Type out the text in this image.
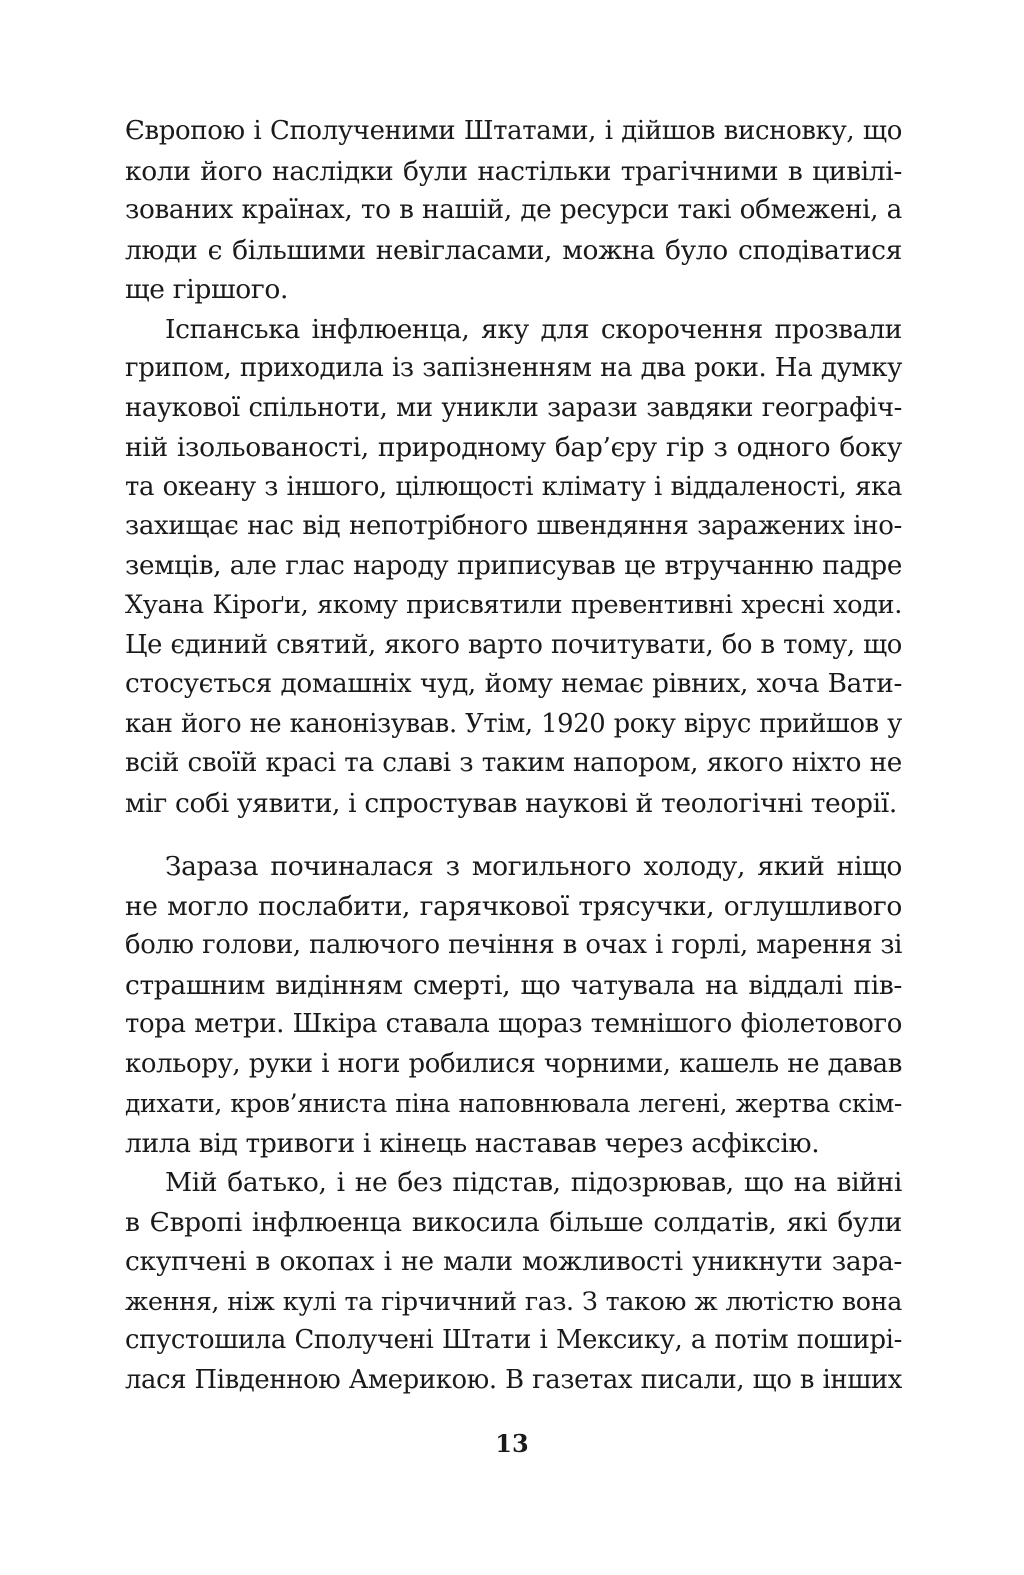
Європою і Сполученими Штатами, і дійшов висновку, що
коли його наслідки були настільки трагічними в цивілі-
зованих країнах, то в нашій, де ресурси такі обмежені, а
люди є більшими невігласами, можна було сподіватися
ще гіршого.
Іспанська інфлюенца, яку для скорочення прозвали
грипом, приходила із запізненням на два роки. На думку
наукової спільноти, ми уникли зарази завдяки географіч-
ній ізольованості, природному бар’єру гір з одного боку
та океану з іншого, цілющості клімату і віддаленості, яка
захищає нас від непотрібного швендяння заражених іно-
земців, але глас народу приписував це втручанню падре
Хуана Кіроґи, якому присвятили превентивні хресні ходи.
Це єдиний святий, якого варто почитувати, бо в тому, що
стосується домашніх чуд, йому немає рівних, хоча Вати-
кан його не канонізував. Утім, 1920 року вірус прийшов у
всій своїй красі та славі з таким напором, якого ніхто не
міг собі уявити, і спростував наукові й теологічні теорії.
Зараза починалася з могильного холоду, який ніщо
не могло послабити, гарячкової трясучки, оглушливого
болю голови, палючого печіння в очах і горлі, марення зі
страшним видінням смерті, що чатувала на віддалі пів-
тора метри. Шкіра ставала щораз темнішого фіолетового
кольору, руки і ноги робилися чорними, кашель не давав
дихати, кров’яниста піна наповнювала легені, жертва скім-
лила від тривоги і кінець наставав через асфіксію.
Мій батько, і не без підстав, підозрював, що на війні
в Європі інфлюенца викосила більше солдатів, які були
скупчені в окопах і не мали можливості уникнути зара-
ження, ніж кулі та гірчичний газ. З такою ж лютістю вона
спустошила Сполучені Штати і Мексику, а потім поширі-
лася Південною Америкою. В газетах писали, що в інших
13
